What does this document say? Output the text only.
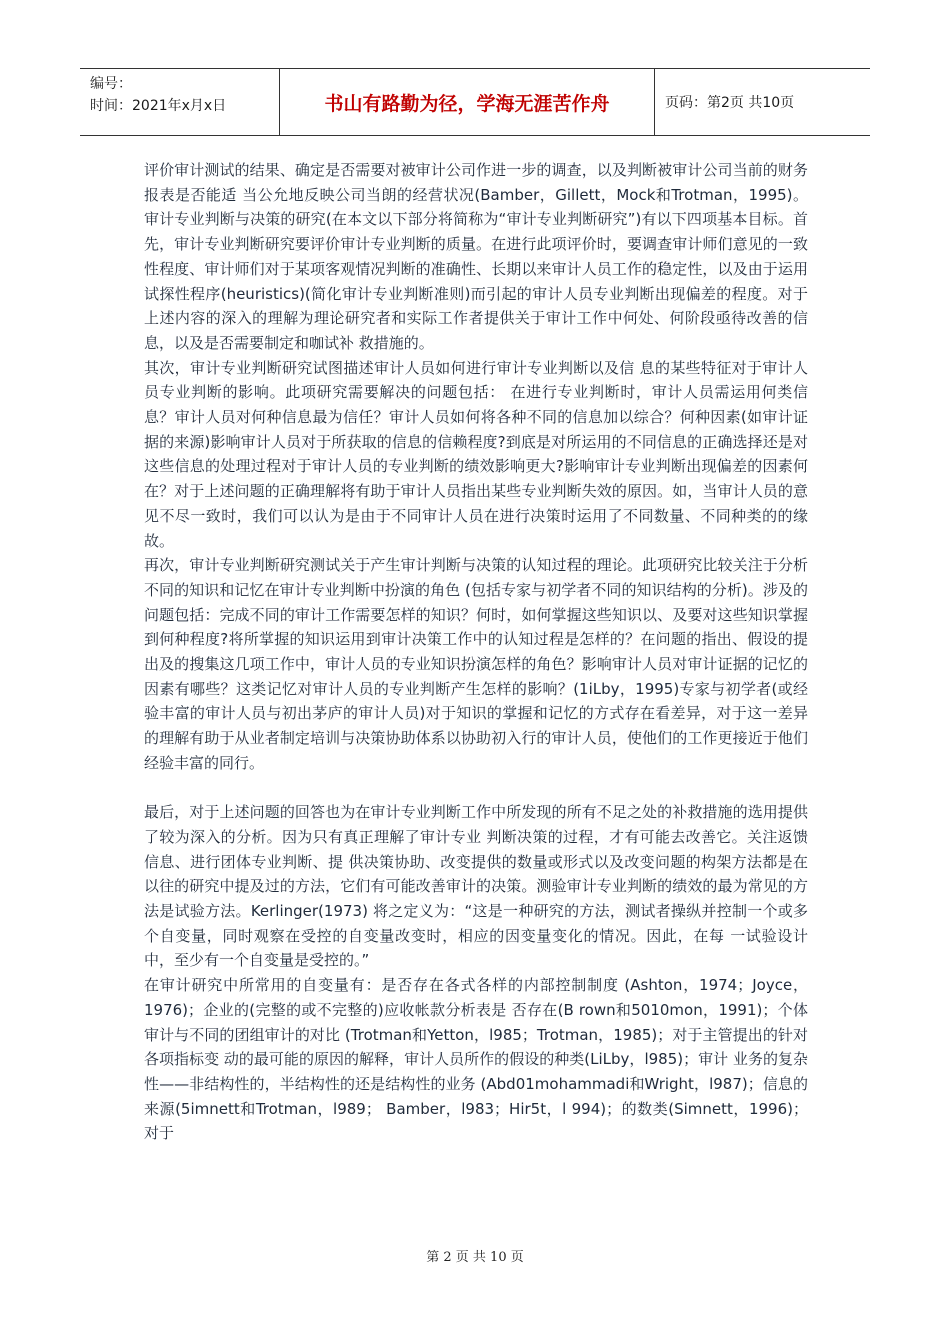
编号：
时间：2021年x月x日	书山有路勤为径，学海无涯苦作舟	页码：第2页 共10页

评价审计测试的结果、确定是否需要对被审计公司作进一步的调查，以及判断被审计公司当前的财务报表是否能适 当公允地反映公司当朗的经营状况(Bamber，Gillett，Mock和Trotman，1995)。 审计专业判断与决策的研究(在本文以下部分将简称为“审计专业判断研究”)有以下四项基本目标。首先，审计专业判断研究要评价审计专业判断的质量。在进行此项评价时，要调查审计师们意见的一致性程度、审计师们对于某项客观情况判断的准确性、长期以来审计人员工作的稳定性，以及由于运用试探性程序(heuristics)(简化审计专业判断准则)而引起的审计人员专业判断出现偏差的程度。对于上述内容的深入的理解为理论研究者和实际工作者提供关于审计工作中何处、何阶段亟待改善的信息，以及是否需要制定和咖试补 救措施的。

其次，审计专业判断研究试图描述审计人员如何进行审计专业判断以及信 息的某些特征对于审计人员专业判断的影响。此项研究需要解决的问题包括： 在进行专业判断时，审计人员需运用何类信息？审计人员对何种信息最为信任？审计人员如何将各种不同的信息加以综合？何种因素(如审计证据的来源)影响审计人员对于所获取的信息的信赖程度?到底是对所运用的不同信息的正确选择还是对这些信息的处理过程对于审计人员的专业判断的绩效影响更大?影响审计专业判断出现偏差的因素何在？对于上述问题的正确理解将有助于审计人员指出某些专业判断失效的原因。如，当审计人员的意见不尽一致时，我们可以认为是由于不同审计人员在进行决策时运用了不同数量、不同种类的的缘故。

再次，审计专业判断研究测试关于产生审计判断与决策的认知过程的理论。此项研究比较关注于分析不同的知识和记忆在审计专业判断中扮演的角色 (包括专家与初学者不同的知识结构的分析)。涉及的问题包括：完成不同的审计工作需要怎样的知识？何时，如何掌握这些知识以、及要对这些知识掌握到何种程度?将所掌握的知识运用到审计决策工作中的认知过程是怎样的？在问题的指出、假设的提出及的搜集这几项工作中，审计人员的专业知识扮演怎样的角色？影响审计人员对审计证据的记忆的因素有哪些？这类记忆对审计人员的专业判断产生怎样的影响？(1iLby，1995)专家与初学者(或经验丰富的审计人员与初出茅庐的审计人员)对于知识的掌握和记忆的方式存在看差异，对于这一差异的理解有助于从业者制定培训与决策协助体系以协助初入行的审计人员，使他们的工作更接近于他们经验丰富的同行。

最后，对于上述问题的回答也为在审计专业判断工作中所发现的所有不足之处的补救措施的选用提供了较为深入的分析。因为只有真正理解了审计专业 判断决策的过程，才有可能去改善它。关注返馈信息、进行团体专业判断、提 供决策协助、改变提供的数量或形式以及改变问题的构架方法都是在以往的研究中提及过的方法，它们有可能改善审计的决策。测验审计专业判断的绩效的最为常见的方法是试验方法。Kerlinger(1973) 将之定义为：“这是一种研究的方法，测试者操纵并控制一个或多个自变量，同时观察在受控的自变量改变时，相应的因变量变化的情况。因此，在每 一试验设计中，至少有一个自变量是受控的。”

在审计研究中所常用的自变量有：是否存在各式各样的内部控制制度 (Ashton，1974；Joyce，1976)；企业的(完整的或不完整的)应收帐款分析表是 否存在(B rown和5010mon，1991)；个体审计与不同的团组审计的对比 (Trotman和Yetton，l985；Trotman，1985)；对于主管提出的针对各项指标变 动的最可能的原因的解释，审计人员所作的假设的种类(LiLby，l985)；审计 业务的复杂性——非结构性的，半结构性的还是结构性的业务 (Abd01mohammadi和Wright，l987)；信息的来源(5imnett和Trotman，l989； Bamber，l983；Hir5t，l 994)；的数类(Simnett，1996)；对于

第 2 页 共 10 页
